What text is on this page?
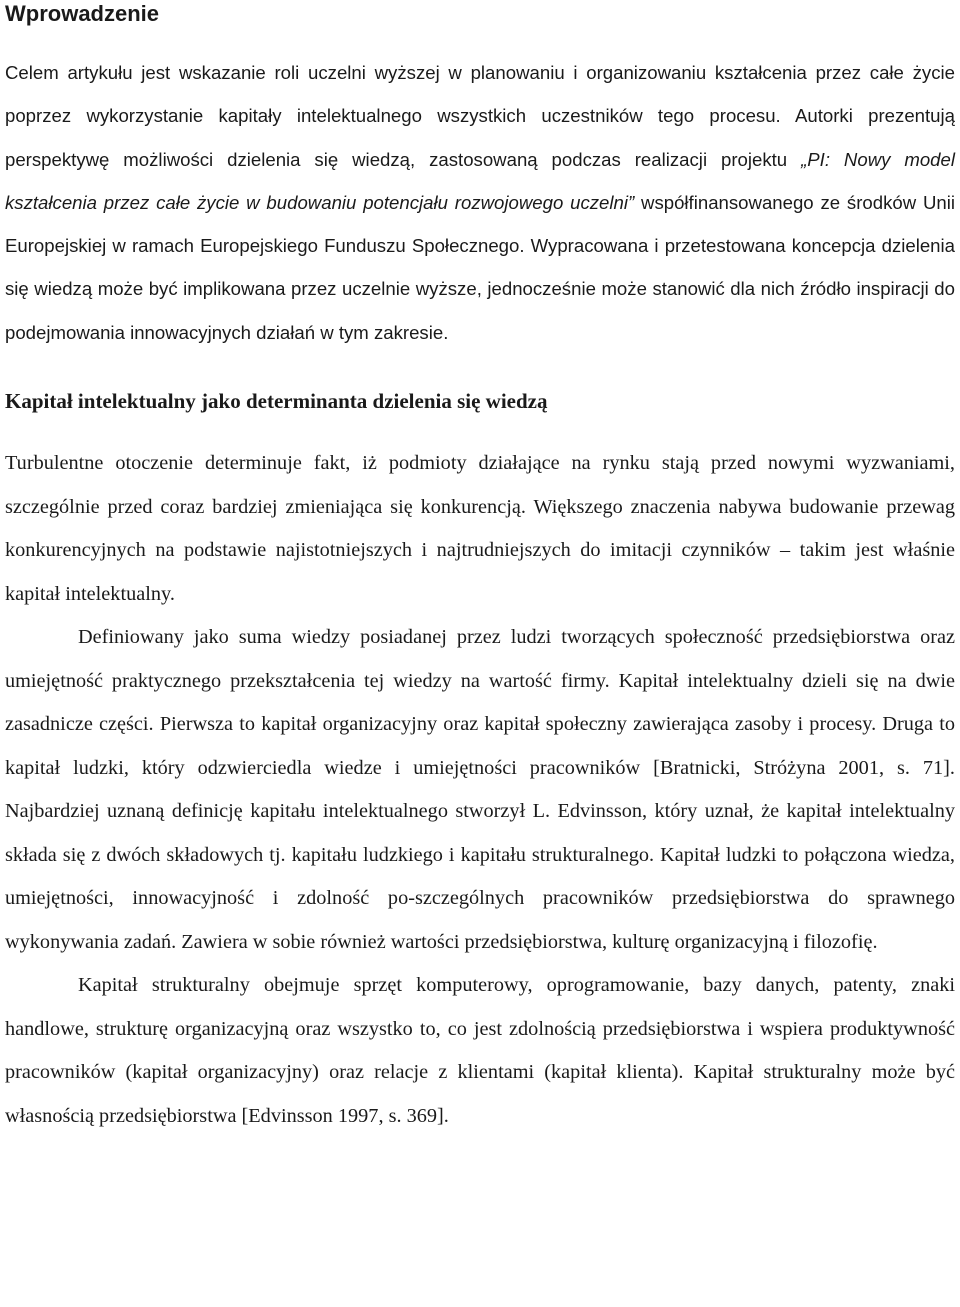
Wprowadzenie

Celem artykułu jest wskazanie roli uczelni wyższej w planowaniu i organizowaniu kształcenia przez całe życie poprzez wykorzystanie kapitały intelektualnego wszystkich uczestników tego procesu. Autorki prezentują perspektywę możliwości dzielenia się wiedzą, zastosowaną podczas realizacji projektu „PI: Nowy model kształcenia przez całe życie w budowaniu potencjału rozwojowego uczelni” współfinansowanego ze środków Unii Europejskiej w ramach Europejskiego Funduszu Społecznego. Wypracowana i przetestowana koncepcja dzielenia się wiedzą może być implikowana przez uczelnie wyższe, jednocześnie może stanowić dla nich źródło inspiracji do podejmowania innowacyjnych działań w tym zakresie.

Kapitał intelektualny jako determinanta dzielenia się wiedzą

Turbulentne otoczenie determinuje fakt, iż podmioty działające na rynku stają przed nowymi wyzwaniami, szczególnie przed coraz bardziej zmieniająca się konkurencją. Większego znaczenia nabywa budowanie przewag konkurencyjnych na podstawie najistotniejszych i najtrudniejszych do imitacji czynników – takim jest właśnie kapitał intelektualny.

Definiowany jako suma wiedzy posiadanej przez ludzi tworzących społeczność przedsiębiorstwa oraz umiejętność praktycznego przekształcenia tej wiedzy na wartość firmy. Kapitał intelektualny dzieli się na dwie zasadnicze części. Pierwsza to kapitał organizacyjny oraz kapitał społeczny zawierająca zasoby i procesy. Druga to kapitał ludzki, który odzwierciedla wiedze i umiejętności pracowników [Bratnicki, Stróżyna 2001, s. 71]. Najbardziej uznaną definicję kapitału intelektualnego stworzył L. Edvinsson, który uznał, że kapitał intelektualny składa się z dwóch składowych tj. kapitału ludzkiego i kapitału strukturalnego. Kapitał ludzki to połączona wiedza, umiejętności, innowacyjność i zdolność po-szczególnych pracowników przedsiębiorstwa do sprawnego wykonywania zadań. Zawiera w sobie również wartości przedsiębiorstwa, kulturę organizacyjną i filozofię.

Kapitał strukturalny obejmuje sprzęt komputerowy, oprogramowanie, bazy danych, patenty, znaki handlowe, strukturę organizacyjną oraz wszystko to, co jest zdolnością przedsiębiorstwa i wspiera produktywność pracowników (kapitał organizacyjny) oraz relacje z klientami (kapitał klienta). Kapitał strukturalny może być własnością przedsiębiorstwa [Edvinsson 1997, s. 369].
